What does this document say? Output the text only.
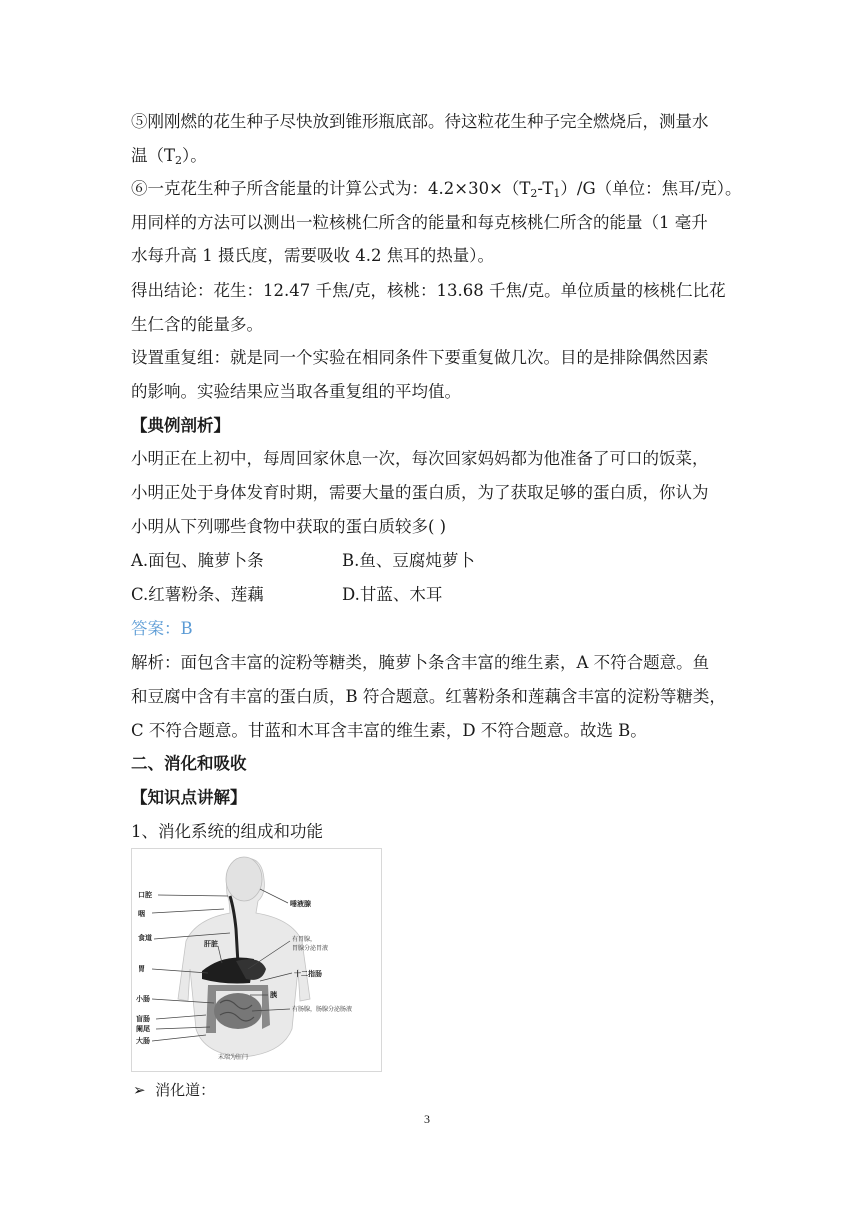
⑤刚刚燃的花生种子尽快放到锥形瓶底部。待这粒花生种子完全燃烧后，测量水
温$(T_2)$。
⑥一克花生种子所含能量的计算公式为：$4.2\times 30\times(T_2-T_1)/G$（单位：焦耳/克）。
用同样的方法可以测出一粒核桃仁所含的能量和每克核桃仁所含的能量（1 毫升
水每升高 1 摄氏度，需要吸收 4.2 焦耳的热量）。
得出结论：花生：12.47 千焦/克，核桃：13.68 千焦/克。单位质量的核桃仁比花
生仁含的能量多。
设置重复组：就是同一个实验在相同条件下要重复做几次。目的是排除偶然因素
的影响。实验结果应当取各重复组的平均值。
【典例剖析】
小明正在上初中，每周回家休息一次，每次回家妈妈都为他准备了可口的饭菜，
小明正处于身体发育时期，需要大量的蛋白质，为了获取足够的蛋白质，你认为
小明从下列哪些食物中获取的蛋白质较多( )
A.面包、腌萝卜条	B.鱼、豆腐炖萝卜
C.红薯粉条、莲藕	D.甘蓝、木耳
答案：B
解析：面包含丰富的淀粉等糖类，腌萝卜条含丰富的维生素，A 不符合题意。鱼
和豆腐中含有丰富的蛋白质，B 符合题意。红薯粉条和莲藕含丰富的淀粉等糖类，
C 不符合题意。甘蓝和木耳含丰富的维生素，D 不符合题意。故选 B。
二、消化和吸收
【知识点讲解】
1、消化系统的组成和功能
口腔
咽
食道
胃
小肠
盲肠
阑尾
大肠
肝脏
唾液腺
有胃腺，
胃腺分泌胃液
十二指肠
胰
有肠腺，肠腺分泌肠液
末端为肛门
➢ 消化道：
3
